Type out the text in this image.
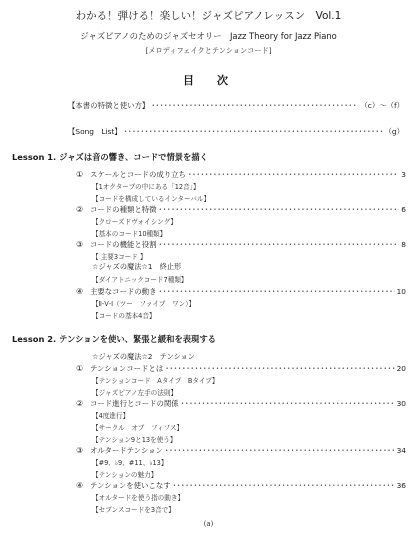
わかる！弾ける！楽しい！ジャズピアノレッスン　Vol.1
ジャズピアノのためのジャズセオリー　Jazz Theory for Jazz Piano
[メロディフェイクとテンションコード]
目　次
【本書の特徴と使い方】 ････････････････････････････････････････････････････････････････････････････････････････････････	（c）～（f）
【Song　List】 ････････････････････････････････････････････････････････････････････････････････････････････････	（g）
Lesson 1. ジャズは音の響き、コードで情景を描く
① スケールとコードの成り立ち ････････････････････････････････････････････････････････････････････････････････････････････････	3
【1オクターブの中にある「12音」】
【コードを構成しているインターバル】
② コードの種類と特徴 ････････････････････････････････････････････････････････････････････････････････････････････････	6
【クローズドヴォイシング】
【基本のコード10種類】
③ コードの機能と役割 ････････････････････････････････････････････････････････････････････････････････････････････････	8
【 主要3コード 】
☆ジャズの魔法☆1　終止形
【ダイアトニックコード7種類】
④ 主要なコードの動き ････････････････････････････････････････････････････････････････････････････････････････････････	10
【Ⅱ-Ⅴ-Ⅰ（ツー　ファイブ　ワン）】
【コードの基本4音】
Lesson 2. テンションを使い、緊張と緩和を表現する
☆ジャズの魔法☆2　テンション
① テンションコードとは ････････････････････････････････････････････････････････････････････････････････････････････････	20
【テンションコード　Aタイプ　Bタイプ】
【ジャズピアノ左手の法則】
② コード進行とコードの関係 ････････････････････････････････････････････････････････････････････････････････････････････････	30
【4度進行】
【サークル　オブ　フィフス】
【テンション9と13を使う】
③ オルタードテンション ････････････････････････････････････････････････････････････････････････････････････････････････	34
【#9、♭9、#11、♭13】
【テンションの魅力】
④ テンションを使いこなす ････････････････････････････････････････････････････････････････････････････････････････････････	36
【オルタードを使う指の動き】
【セブンスコードを3音で】
(a)
